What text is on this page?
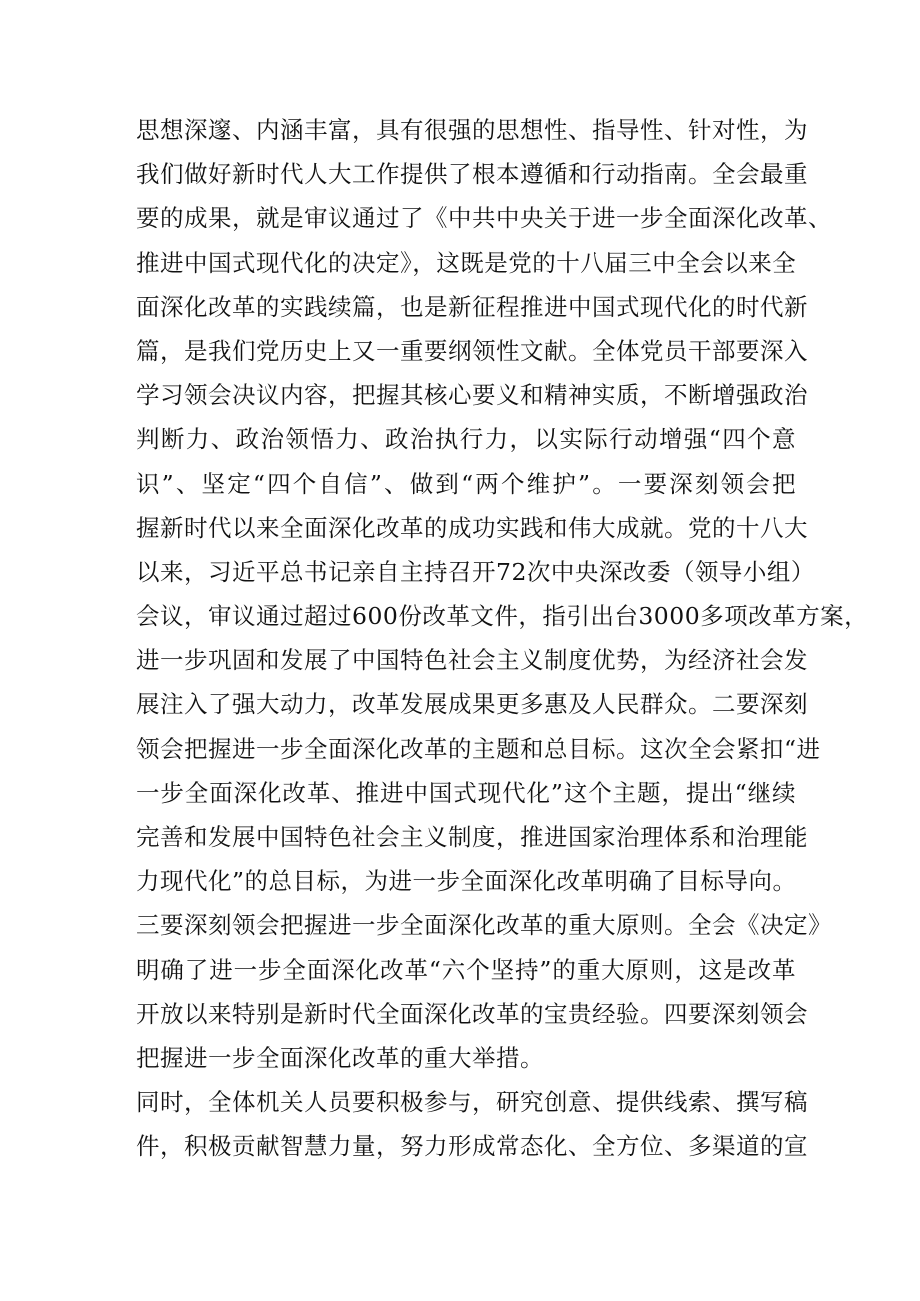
思想深邃、内涵丰富，具有很强的思想性、指导性、针对性，为
我们做好新时代人大工作提供了根本遵循和行动指南。全会最重
要的成果，就是审议通过了《中共中央关于进一步全面深化改革、
推进中国式现代化的决定》，这既是党的十八届三中全会以来全
面深化改革的实践续篇，也是新征程推进中国式现代化的时代新
篇，是我们党历史上又一重要纲领性文献。全体党员干部要深入
学习领会决议内容，把握其核心要义和精神实质，不断增强政治
判断力、政治领悟力、政治执行力，以实际行动增强“四个意
识”、坚定“四个自信”、做到“两个维护”。一要深刻领会把
握新时代以来全面深化改革的成功实践和伟大成就。党的十八大
以来，习近平总书记亲自主持召开72次中央深改委（领导小组）
会议，审议通过超过600份改革文件，指引出台3000多项改革方案，
进一步巩固和发展了中国特色社会主义制度优势，为经济社会发
展注入了强大动力，改革发展成果更多惠及人民群众。二要深刻
领会把握进一步全面深化改革的主题和总目标。这次全会紧扣“进
一步全面深化改革、推进中国式现代化”这个主题，提出“继续
完善和发展中国特色社会主义制度，推进国家治理体系和治理能
力现代化”的总目标，为进一步全面深化改革明确了目标导向。
三要深刻领会把握进一步全面深化改革的重大原则。全会《决定》
明确了进一步全面深化改革“六个坚持”的重大原则，这是改革
开放以来特别是新时代全面深化改革的宝贵经验。四要深刻领会
把握进一步全面深化改革的重大举措。
同时，全体机关人员要积极参与，研究创意、提供线索、撰写稿
件，积极贡献智慧力量，努力形成常态化、全方位、多渠道的宣
